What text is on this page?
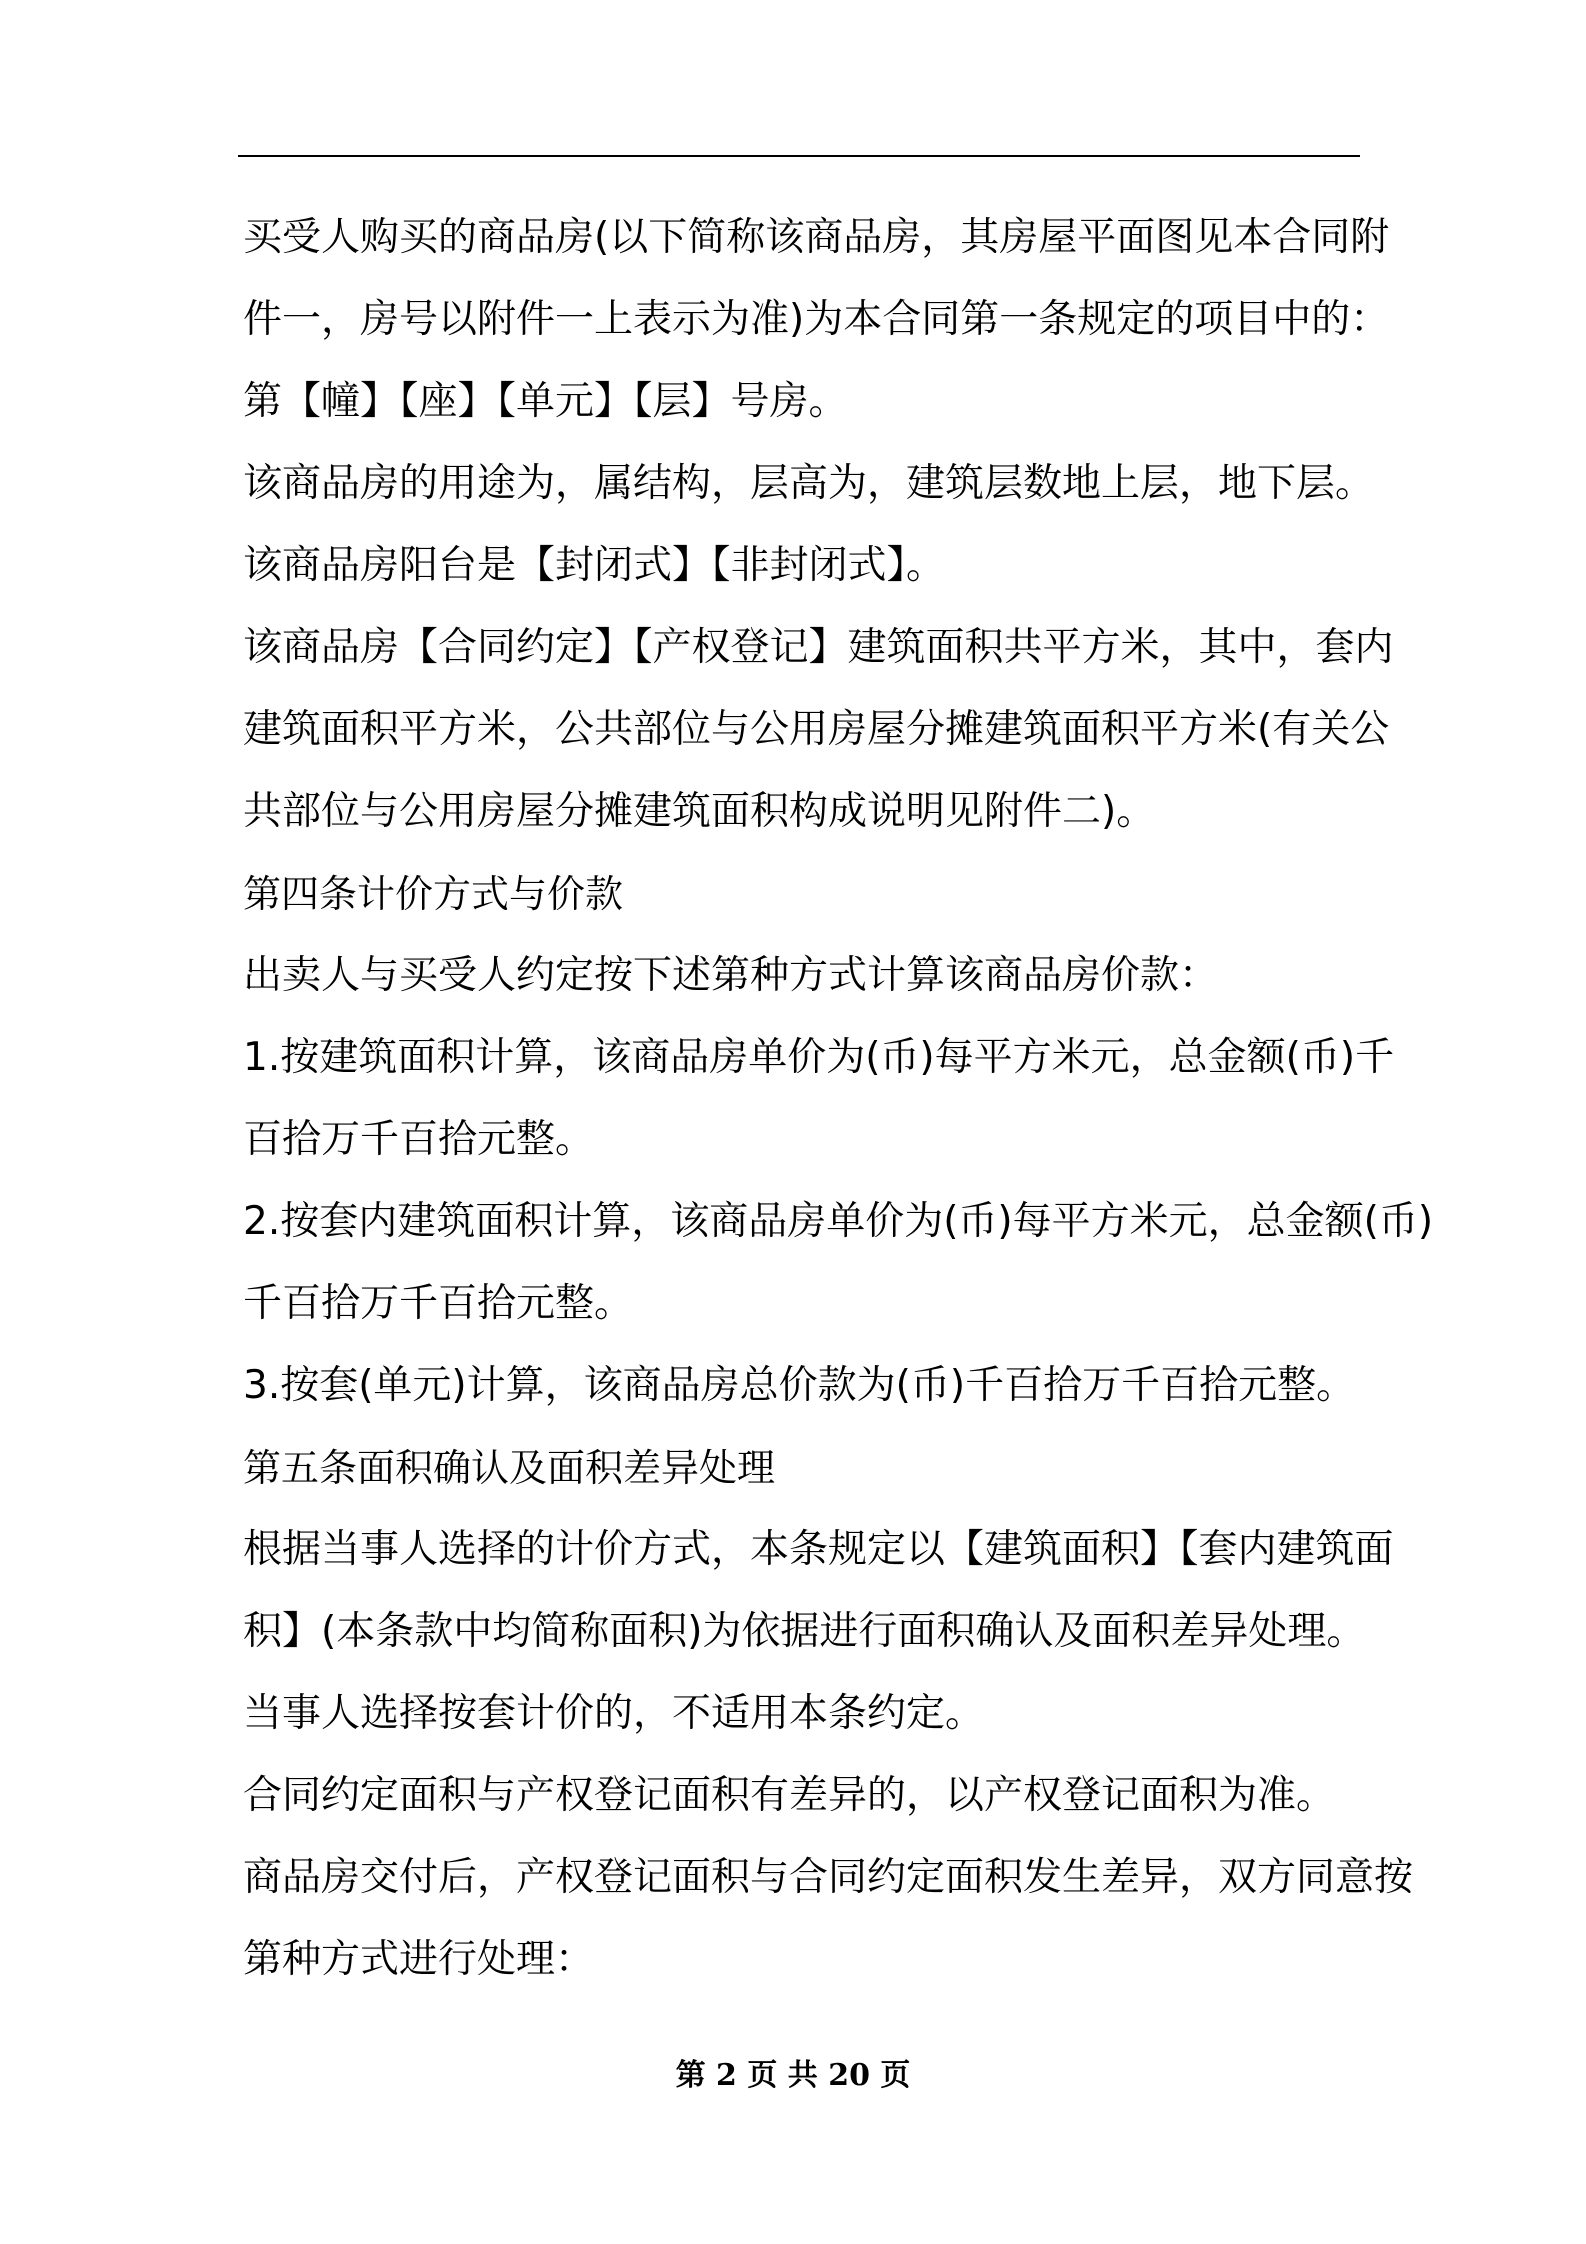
买受人购买的商品房(以下简称该商品房，其房屋平面图见本合同附
件一，房号以附件一上表示为准)为本合同第一条规定的项目中的：
第【幢】【座】【单元】【层】号房。
该商品房的用途为，属结构，层高为，建筑层数地上层，地下层。
该商品房阳台是【封闭式】【非封闭式】。
该商品房【合同约定】【产权登记】建筑面积共平方米，其中，套内
建筑面积平方米，公共部位与公用房屋分摊建筑面积平方米(有关公
共部位与公用房屋分摊建筑面积构成说明见附件二)。
第四条计价方式与价款
出卖人与买受人约定按下述第种方式计算该商品房价款：
1.按建筑面积计算，该商品房单价为(币)每平方米元，总金额(币)千
百拾万千百拾元整。
2.按套内建筑面积计算，该商品房单价为(币)每平方米元，总金额(币)
千百拾万千百拾元整。
3.按套(单元)计算，该商品房总价款为(币)千百拾万千百拾元整。
第五条面积确认及面积差异处理
根据当事人选择的计价方式，本条规定以【建筑面积】【套内建筑面
积】(本条款中均简称面积)为依据进行面积确认及面积差异处理。
当事人选择按套计价的，不适用本条约定。
合同约定面积与产权登记面积有差异的，以产权登记面积为准。
商品房交付后，产权登记面积与合同约定面积发生差异，双方同意按
第种方式进行处理：
第 2 页 共 20 页
